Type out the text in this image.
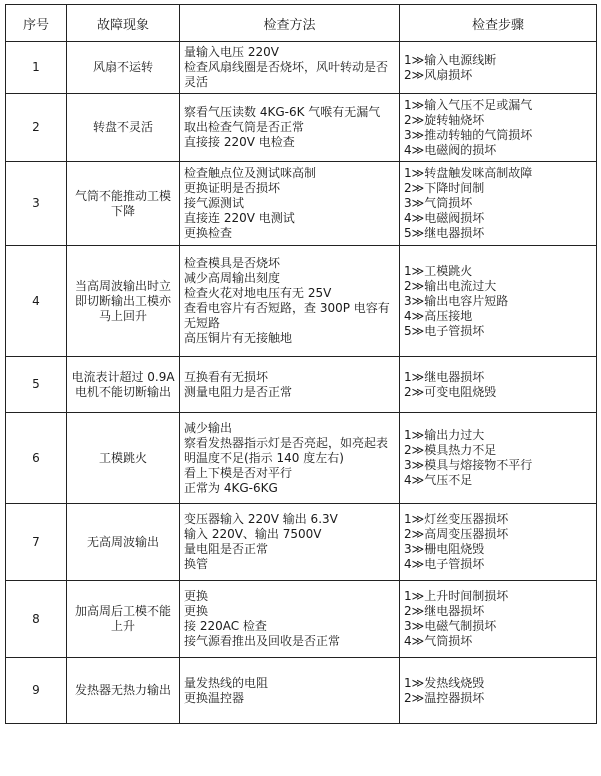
序号	故障现象	检查方法	检查步骤
1	风扇不运转	量输入电压 220V
检查风扇线圈是否烧坏，风叶转动是否灵活	1≫输入电源线断
2≫风扇损坏

2	转盘不灵活	察看气压读数 4KG-6K 气喉有无漏气
取出检查气筒是否正常
直接接 220V 电检查	1≫输入气压不足或漏气
2≫旋转轴烧坏
3≫推动转轴的气筒损坏
4≫电磁阀的损坏

3	气筒不能推动工模下降	检查触点位及测试咪高制
更换证明是否损坏
接气源测试
直接连 220V 电测试
更换检查	1≫转盘触发咪高制故障
2≫下降时间制
3≫气筒损坏
4≫电磁阀损坏
5≫继电器损坏

4	当高周波输出时立即切断输出工模亦马上回升	检查模具是否烧坏
减少高周输出刻度
检查火花对地电压有无 25V
查看电容片有否短路，查 300P 电容有无短路
高压铜片有无接触地	1≫工模跳火
2≫输出电流过大
3≫输出电容片短路
4≫高压接地
5≫电子管损坏

5	电流表计超过 0.9A 电机不能切断输出	互换看有无损坏
测量电阻力是否正常	1≫继电器损坏
2≫可变电阻烧毁

6	工模跳火	减少输出
察看发热器指示灯是否亮起，如亮起表明温度不足(指示 140 度左右)
看上下模是否对平行
正常为 4KG-6KG	1≫输出力过大
2≫模具热力不足
3≫模具与熔接物不平行
4≫气压不足

7	无高周波输出	变压器输入 220V 输出 6.3V
输入 220V、输出 7500V
量电阻是否正常
换管	1≫灯丝变压器损坏
2≫高周变压器损坏
3≫栅电阻烧毁
4≫电子管损坏

8	加高周后工模不能上升	更换
更换
接 220AC 检查
接气源看推出及回收是否正常	1≫上升时间制损坏
2≫继电器损坏
3≫电磁气制损坏
4≫气筒损坏

9	发热器无热力输出	量发热线的电阻
更换温控器	1≫发热线烧毁
2≫温控器损坏
